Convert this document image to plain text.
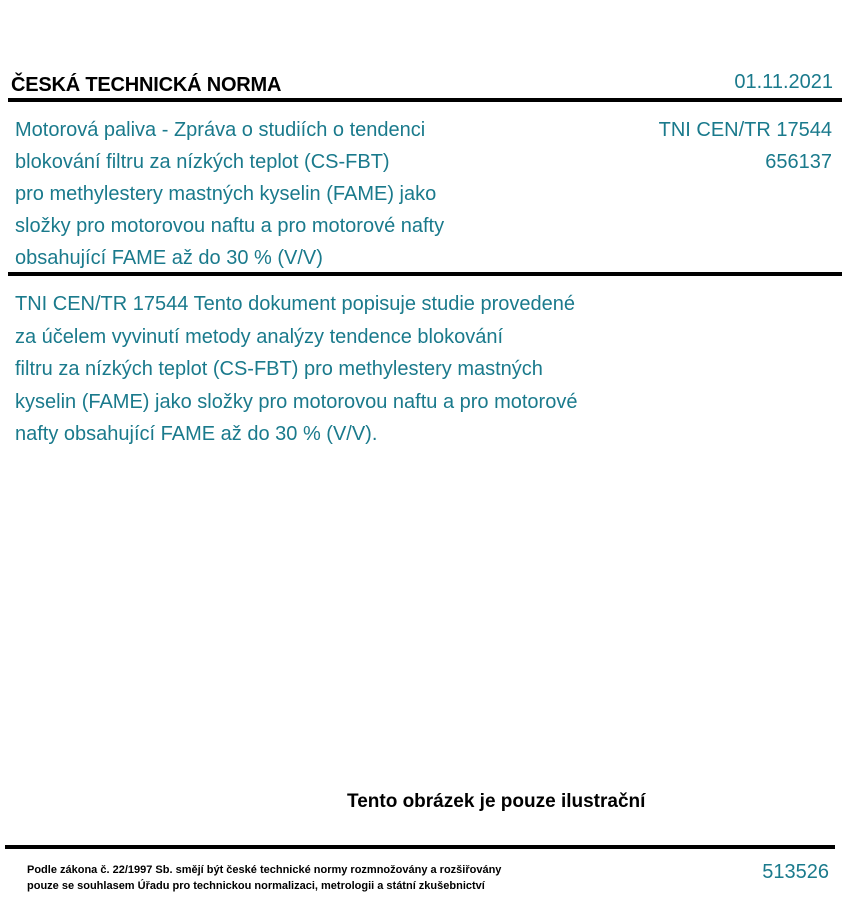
ČESKÁ TECHNICKÁ NORMA	01.11.2021
Motorová paliva - Zpráva o studiích o tendenci
blokování filtru za nízkých teplot (CS-FBT)
pro methylestery mastných kyselin (FAME) jako
složky pro motorovou naftu a pro motorové nafty
obsahující FAME až do 30 % (V/V)
TNI CEN/TR 17544
656137
TNI CEN/TR 17544 Tento dokument popisuje studie provedené
za účelem vyvinutí metody analýzy tendence blokování
filtru za nízkých teplot (CS-FBT) pro methylestery mastných
kyselin (FAME) jako složky pro motorovou naftu a pro motorové
nafty obsahující FAME až do 30 % (V/V).
Tento obrázek je pouze ilustrační
Podle zákona č. 22/1997 Sb. smějí být české technické normy rozmnožovány a rozšiřovány
pouze se souhlasem Úřadu pro technickou normalizaci, metrologii a státní zkušebnictví
513526
